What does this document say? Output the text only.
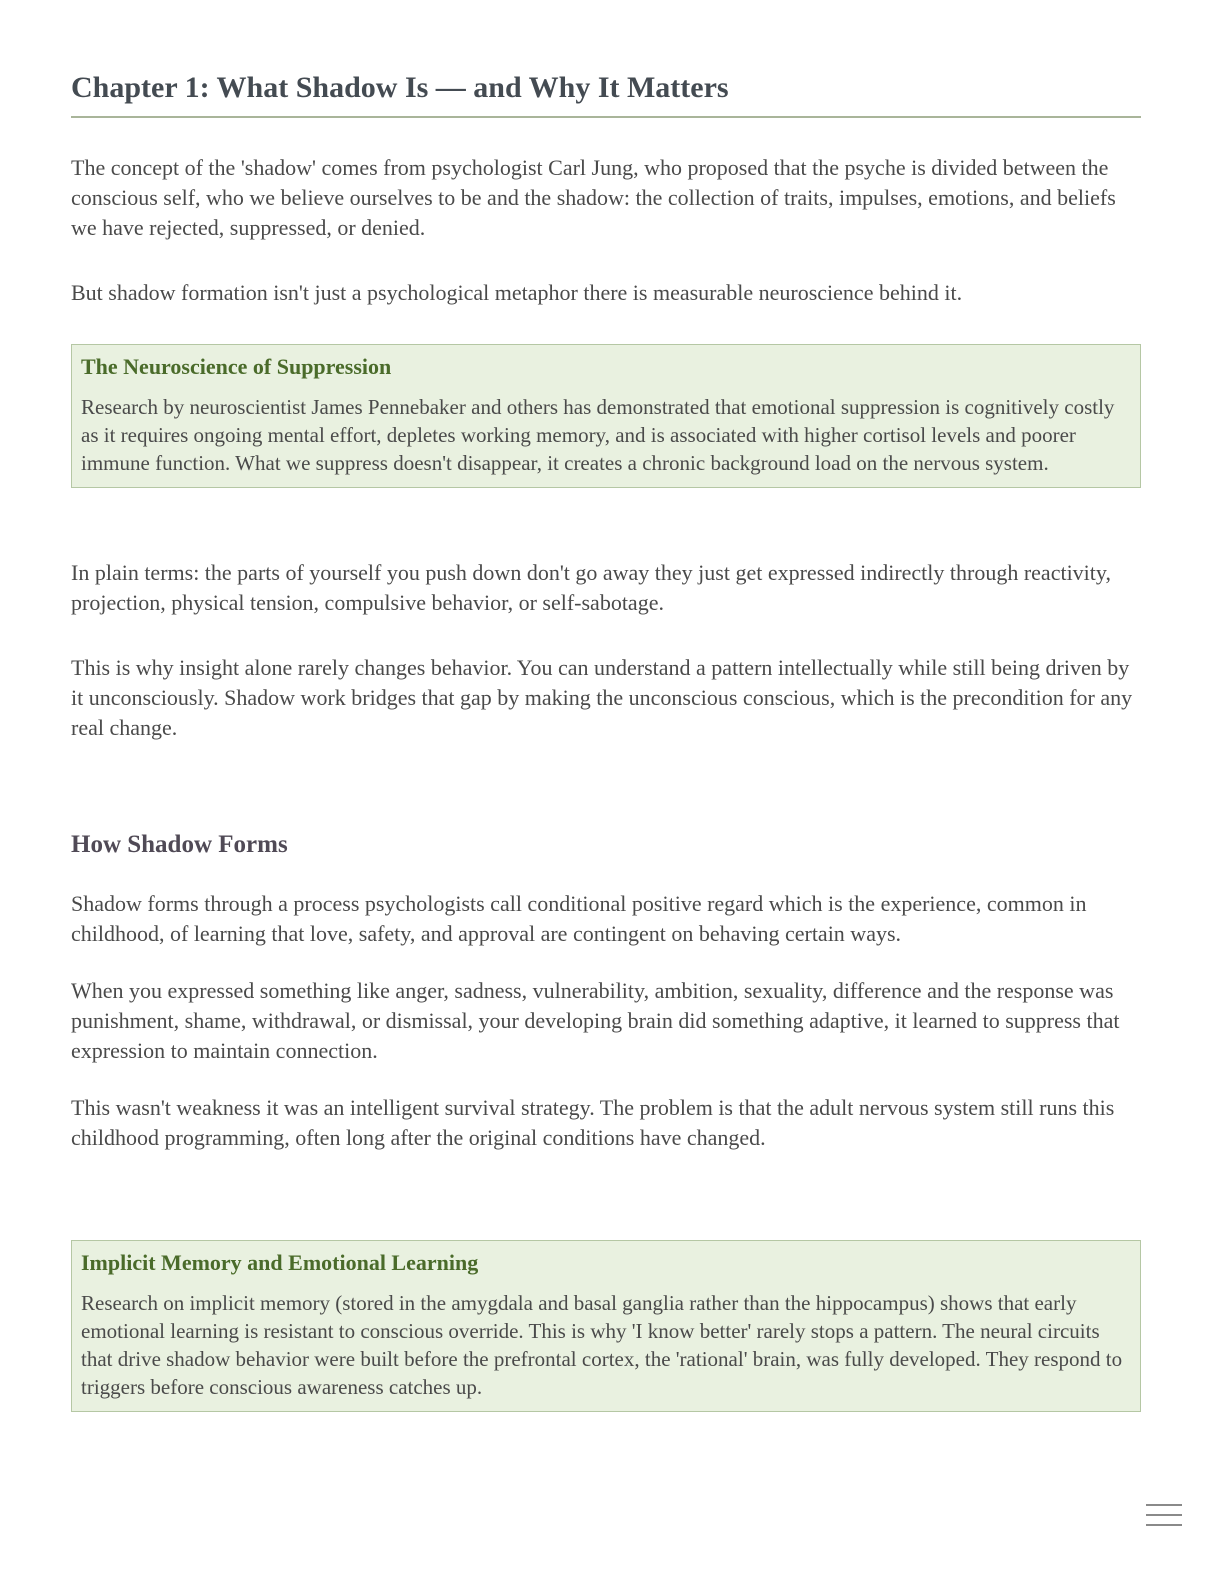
Chapter 1: What Shadow Is — and Why It Matters

The concept of the 'shadow' comes from psychologist Carl Jung, who proposed that the psyche is divided between the conscious self, who we believe ourselves to be and the shadow: the collection of traits, impulses, emotions, and beliefs we have rejected, suppressed, or denied.

But shadow formation isn't just a psychological metaphor there is measurable neuroscience behind it.

The Neuroscience of Suppression

Research by neuroscientist James Pennebaker and others has demonstrated that emotional suppression is cognitively costly as it requires ongoing mental effort, depletes working memory, and is associated with higher cortisol levels and poorer immune function. What we suppress doesn't disappear, it creates a chronic background load on the nervous system.

In plain terms: the parts of yourself you push down don't go away they just get expressed indirectly through reactivity, projection, physical tension, compulsive behavior, or self-sabotage.

This is why insight alone rarely changes behavior. You can understand a pattern intellectually while still being driven by it unconsciously. Shadow work bridges that gap by making the unconscious conscious, which is the precondition for any real change.

How Shadow Forms

Shadow forms through a process psychologists call conditional positive regard which is the experience, common in childhood, of learning that love, safety, and approval are contingent on behaving certain ways.

When you expressed something like anger, sadness, vulnerability, ambition, sexuality, difference and the response was punishment, shame, withdrawal, or dismissal, your developing brain did something adaptive, it learned to suppress that expression to maintain connection.

This wasn't weakness it was an intelligent survival strategy. The problem is that the adult nervous system still runs this childhood programming, often long after the original conditions have changed.

Implicit Memory and Emotional Learning

Research on implicit memory (stored in the amygdala and basal ganglia rather than the hippocampus) shows that early emotional learning is resistant to conscious override. This is why 'I know better' rarely stops a pattern. The neural circuits that drive shadow behavior were built before the prefrontal cortex, the 'rational' brain, was fully developed. They respond to triggers before conscious awareness catches up.
